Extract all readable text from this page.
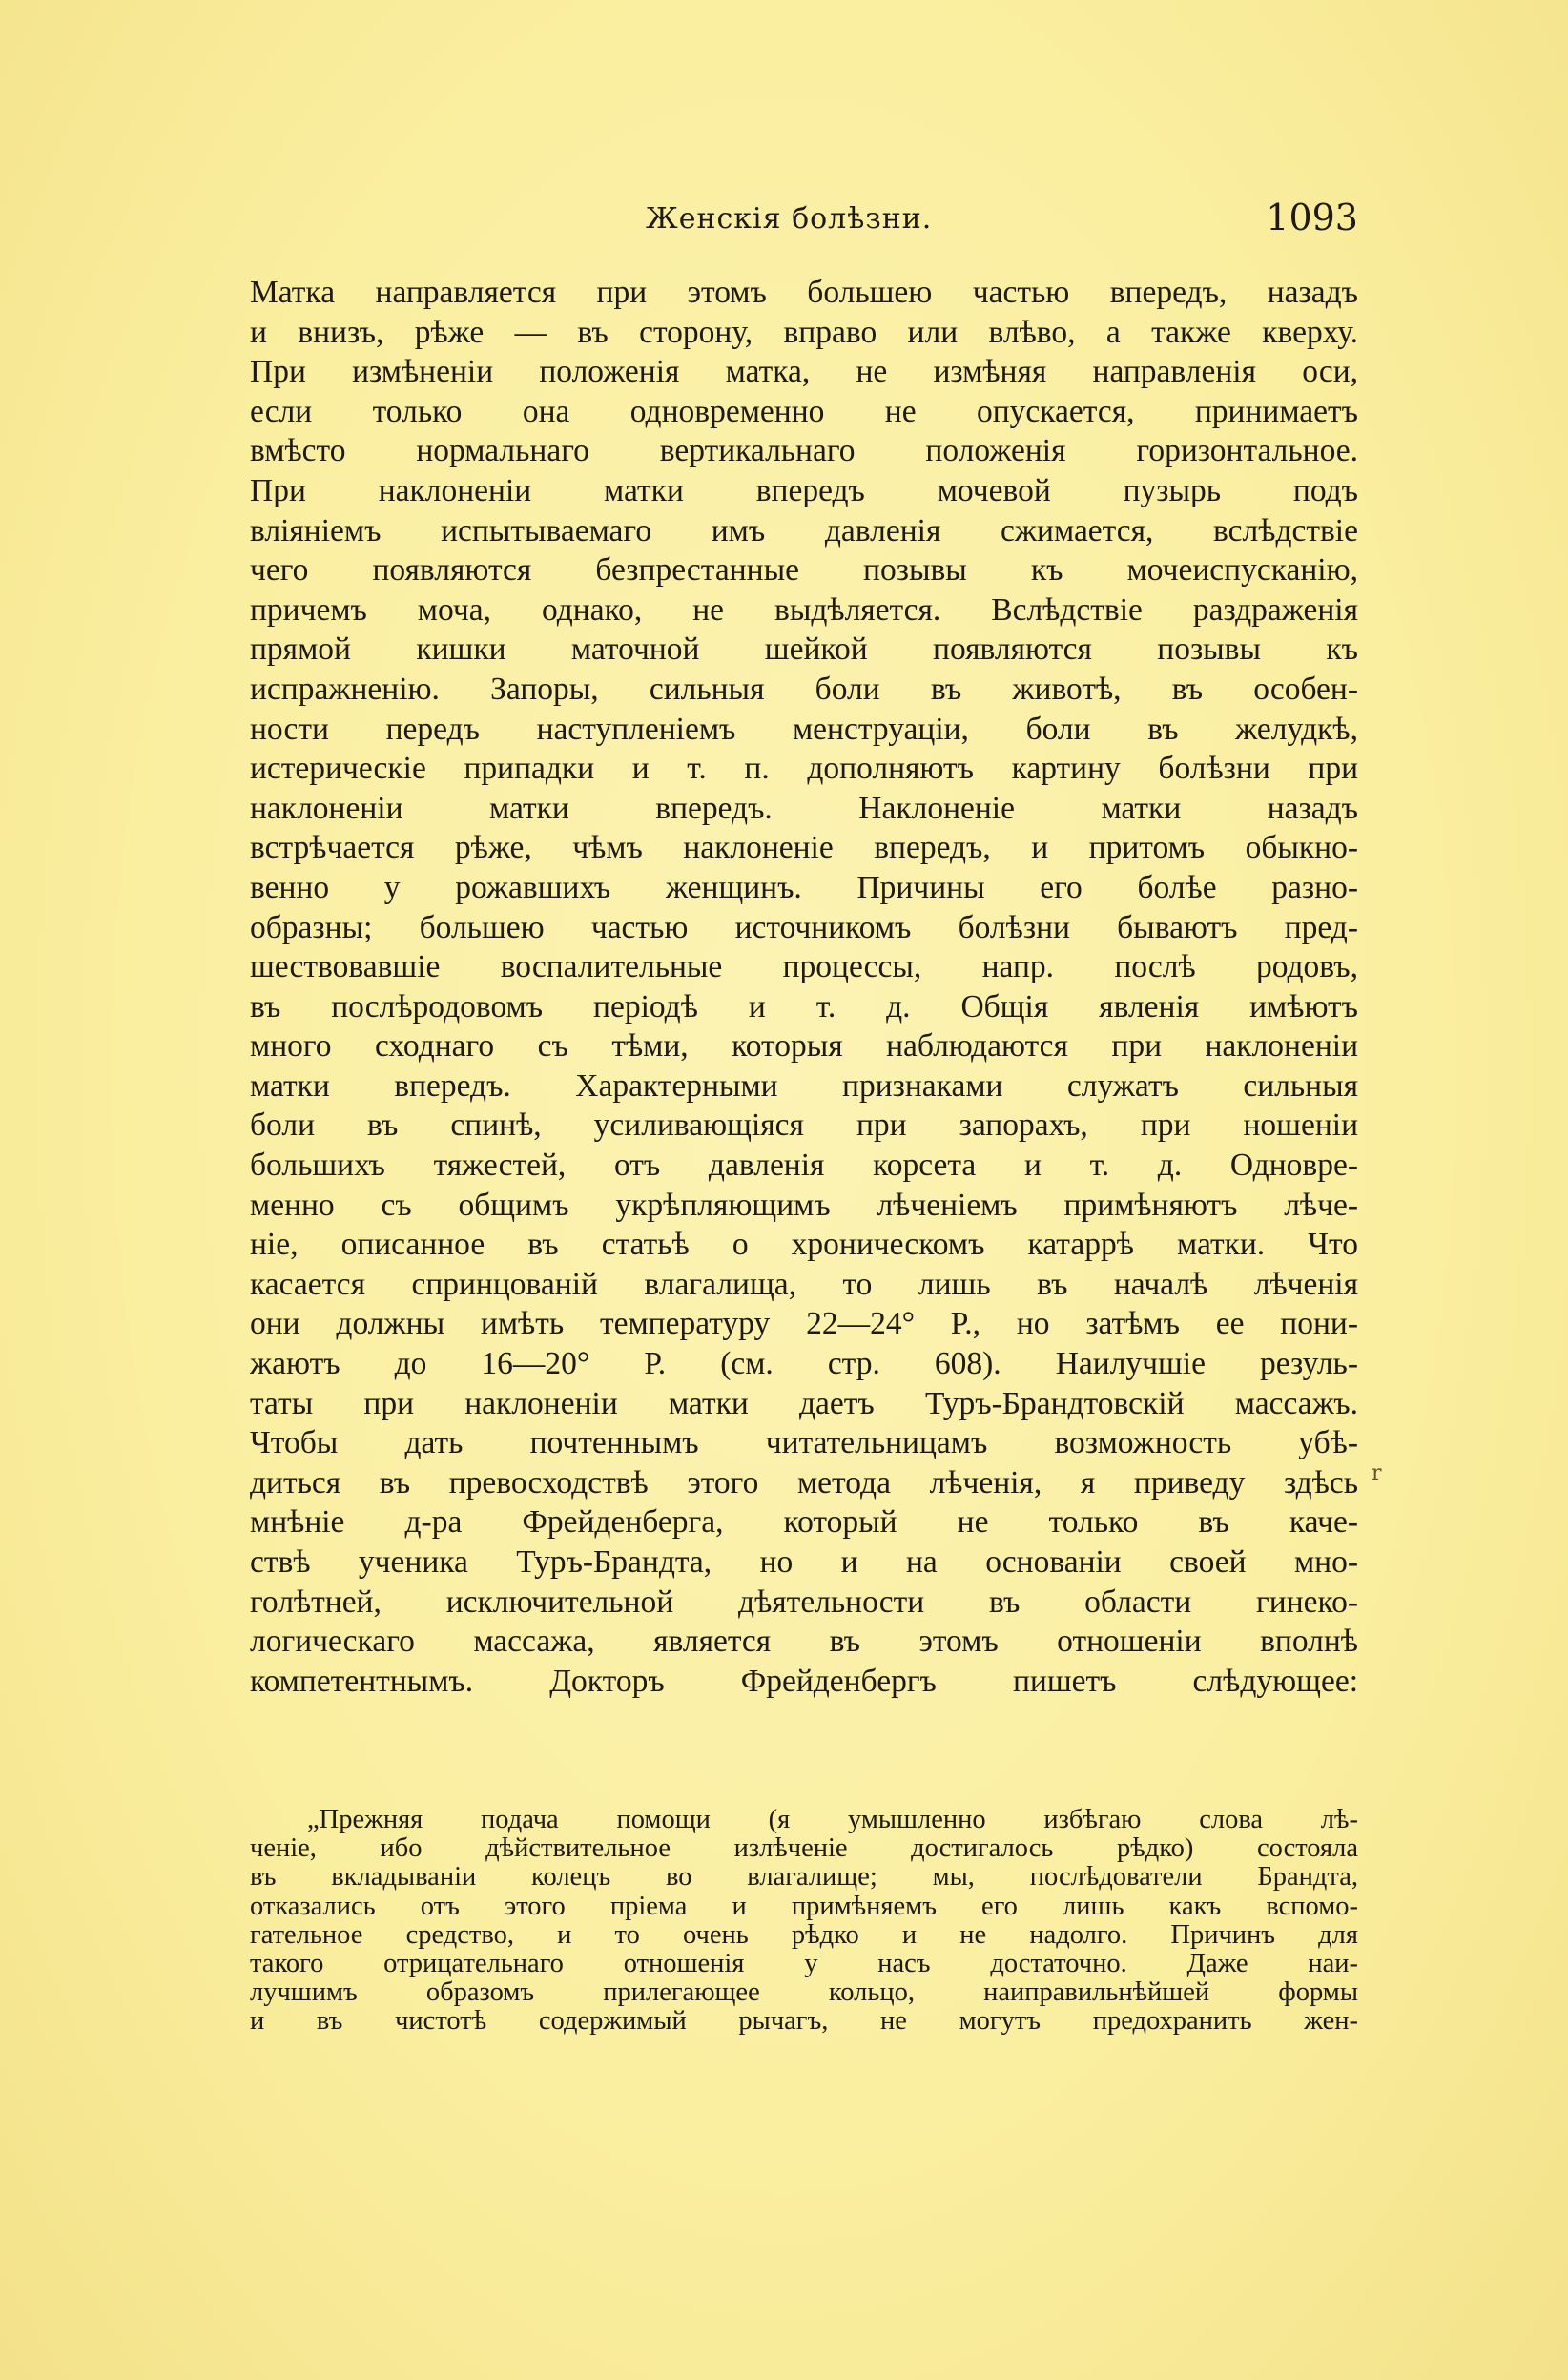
Женскія болѣзни.	1093
Матка направляется при этомъ большею частью впередъ, назадъ
и внизъ, рѣже — въ сторону, вправо или влѣво, а также кверху.
При измѣненіи положенія матка, не измѣняя направленія оси,
если только она одновременно не опускается, принимаетъ
вмѣсто нормальнаго вертикальнаго положенія горизонтальное.
При наклоненіи матки впередъ мочевой пузырь подъ
вліяніемъ испытываемаго имъ давленія сжимается, вслѣдствіе
чего появляются безпрестанные позывы къ мочеиспусканію,
причемъ моча, однако, не выдѣляется. Вслѣдствіе раздраженія
прямой кишки маточной шейкой появляются позывы къ
испражненію. Запоры, сильныя боли въ животѣ, въ особен-
ности передъ наступленіемъ менструаціи, боли въ желудкѣ,
истерическіе припадки и т. п. дополняютъ картину болѣзни при
наклоненіи матки впередъ. Наклоненіе матки назадъ
встрѣчается рѣже, чѣмъ наклоненіе впередъ, и притомъ обыкно-
венно у рожавшихъ женщинъ. Причины его болѣе разно-
образны; большею частью источникомъ болѣзни бываютъ пред-
шествовавшіе воспалительные процессы, напр. послѣ родовъ,
въ послѣродовомъ періодѣ и т. д. Общія явленія имѣютъ
много сходнаго съ тѣми, которыя наблюдаются при наклоненіи
матки впередъ. Характерными признаками служатъ сильныя
боли въ спинѣ, усиливающіяся при запорахъ, при ношеніи
большихъ тяжестей, отъ давленія корсета и т. д. Одновре-
менно съ общимъ укрѣпляющимъ лѣченіемъ примѣняютъ лѣче-
ніе, описанное въ статьѣ о хроническомъ катаррѣ матки. Что
касается спринцованій влагалища, то лишь въ началѣ лѣченія
они должны имѣть температуру 22—24° Р., но затѣмъ ее пони-
жаютъ до 16—20° Р. (см. стр. 608). Наилучшіе резуль-
таты при наклоненіи матки даетъ Туръ-Брандтовскій массажъ.
Чтобы дать почтеннымъ читательницамъ возможность убѣ-
диться въ превосходствѣ этого метода лѣченія, я приведу здѣсь
мнѣніе д-ра Фрейденберга, который не только въ каче-
ствѣ ученика Туръ-Брандта, но и на основаніи своей мно-
голѣтней, исключительной дѣятельности въ области гинеко-
логическаго массажа, является въ этомъ отношеніи вполнѣ
компетентнымъ. Докторъ Фрейденбергъ пишетъ слѣдующее:
r
„Прежняя подача помощи (я умышленно избѣгаю слова лѣ-
ченіе, ибо дѣйствительное излѣченіе достигалось рѣдко) состояла
въ вкладываніи колецъ во влагалище; мы, послѣдователи Брандта,
отказались отъ этого пріема и примѣняемъ его лишь какъ вспомо-
гательное средство, и то очень рѣдко и не надолго. Причинъ для
такого отрицательнаго отношенія у насъ достаточно. Даже наи-
лучшимъ образомъ прилегающее кольцо, наиправильнѣйшей формы
и въ чистотѣ содержимый рычагъ, не могутъ предохранить жен-
